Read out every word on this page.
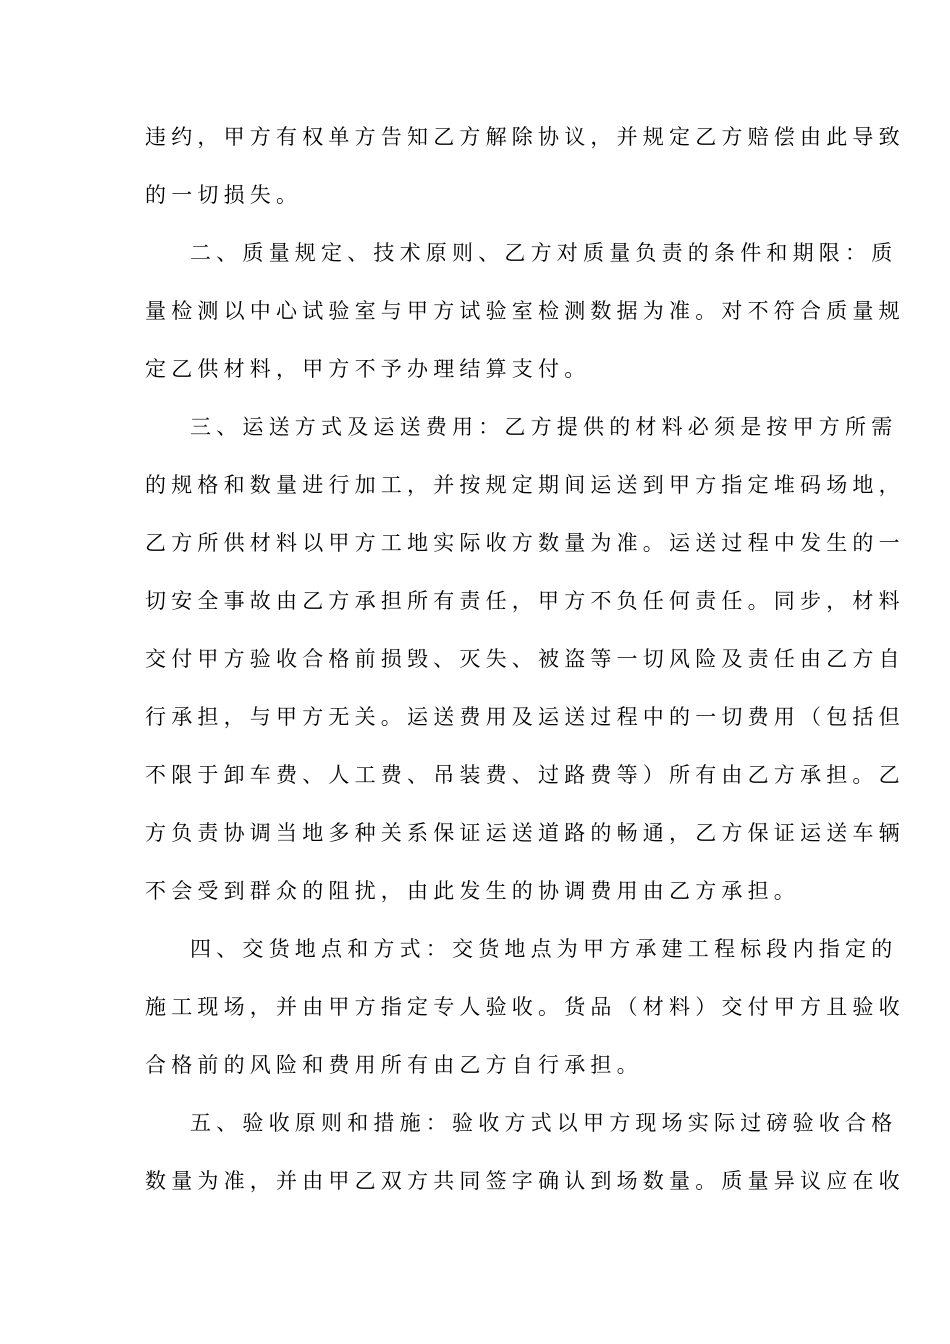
违约，甲方有权单方告知乙方解除协议，并规定乙方赔偿由此导致
的一切损失。
二、质量规定、技术原则、乙方对质量负责的条件和期限：质
量检测以中心试验室与甲方试验室检测数据为准。对不符合质量规
定乙供材料，甲方不予办理结算支付。
三、运送方式及运送费用：乙方提供的材料必须是按甲方所需
的规格和数量进行加工，并按规定期间运送到甲方指定堆码场地，
乙方所供材料以甲方工地实际收方数量为准。运送过程中发生的一
切安全事故由乙方承担所有责任，甲方不负任何责任。同步，材料
交付甲方验收合格前损毁、灭失、被盗等一切风险及责任由乙方自
行承担，与甲方无关。运送费用及运送过程中的一切费用（包括但
不限于卸车费、人工费、吊装费、过路费等）所有由乙方承担。乙
方负责协调当地多种关系保证运送道路的畅通，乙方保证运送车辆
不会受到群众的阻扰，由此发生的协调费用由乙方承担。
四、交货地点和方式：交货地点为甲方承建工程标段内指定的
施工现场，并由甲方指定专人验收。货品（材料）交付甲方且验收
合格前的风险和费用所有由乙方自行承担。
五、验收原则和措施：验收方式以甲方现场实际过磅验收合格
数量为准，并由甲乙双方共同签字确认到场数量。质量异议应在收
